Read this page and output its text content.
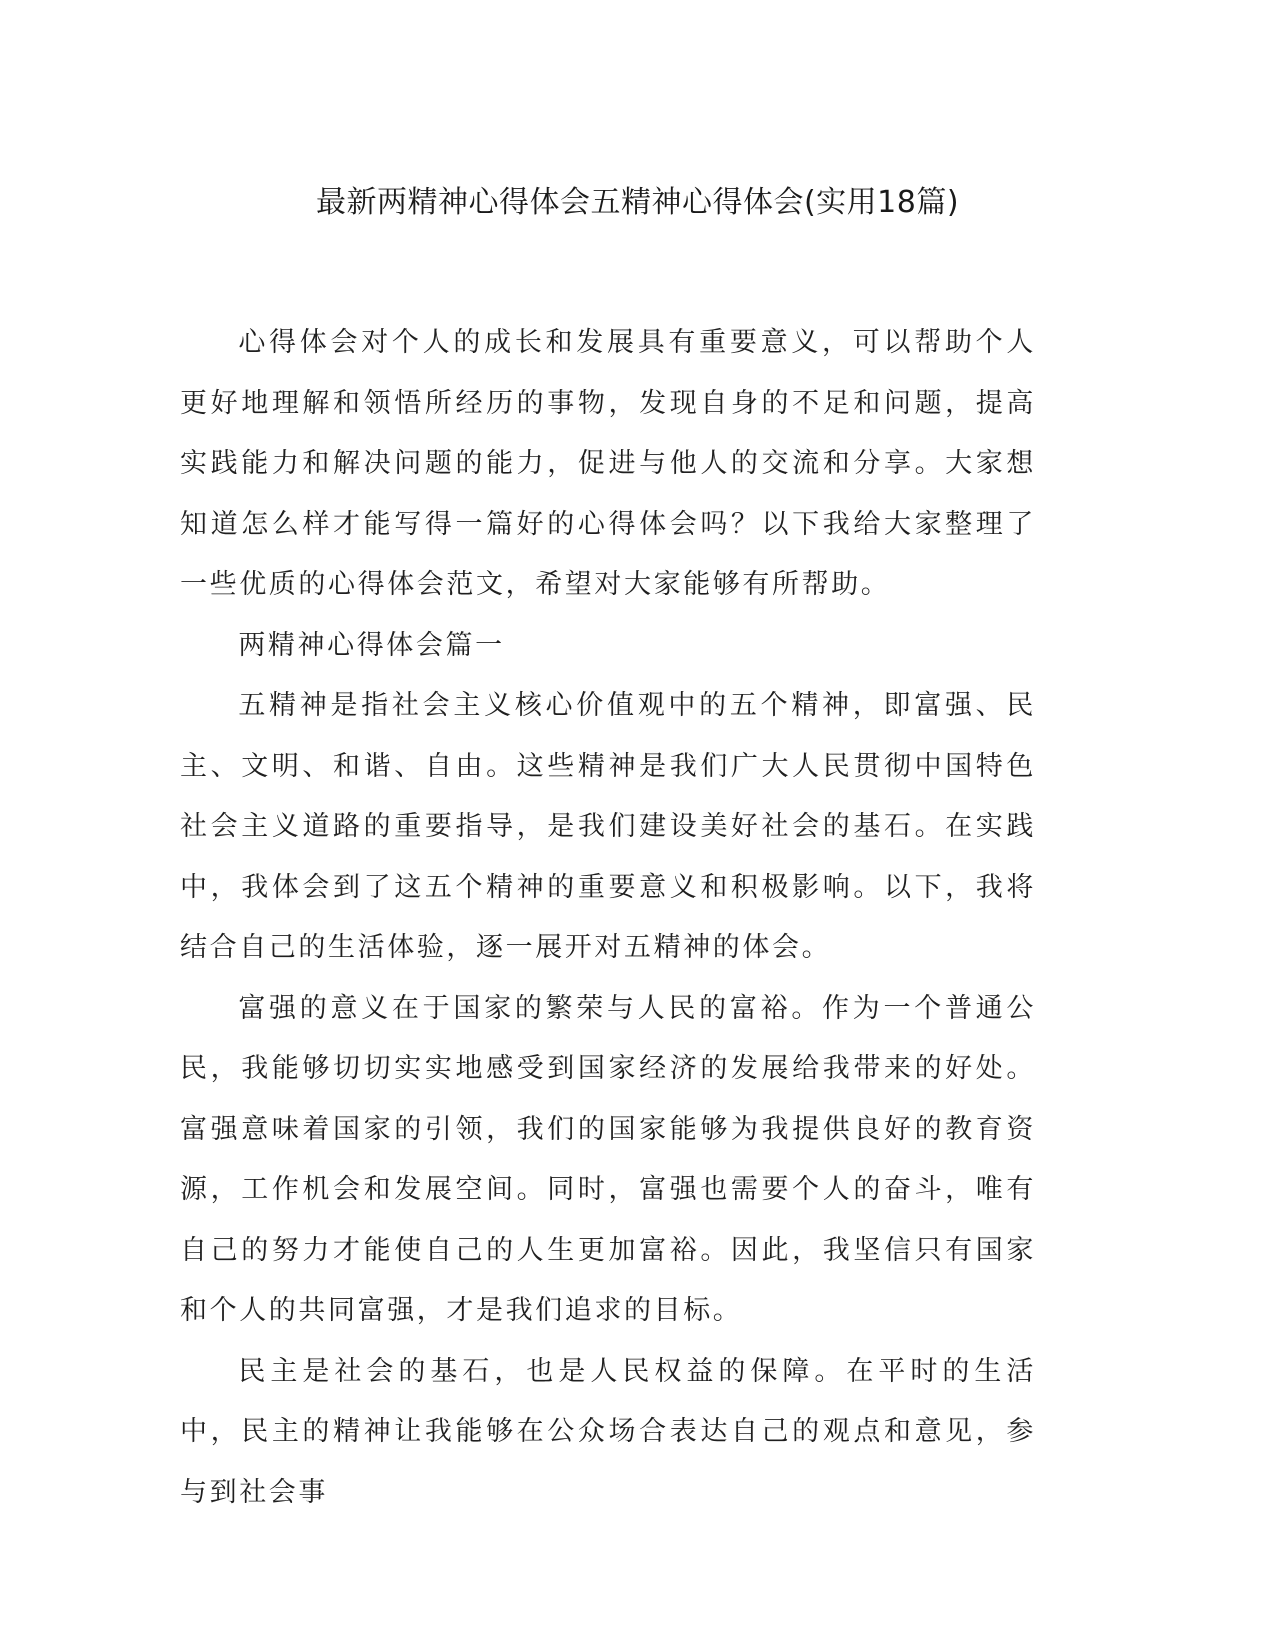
最新两精神心得体会五精神心得体会(实用18篇)

心得体会对个人的成长和发展具有重要意义，可以帮助个人更好地理解和领悟所经历的事物，发现自身的不足和问题，提高实践能力和解决问题的能力，促进与他人的交流和分享。大家想知道怎么样才能写得一篇好的心得体会吗？以下我给大家整理了一些优质的心得体会范文，希望对大家能够有所帮助。

两精神心得体会篇一

五精神是指社会主义核心价值观中的五个精神，即富强、民主、文明、和谐、自由。这些精神是我们广大人民贯彻中国特色社会主义道路的重要指导，是我们建设美好社会的基石。在实践中，我体会到了这五个精神的重要意义和积极影响。以下，我将结合自己的生活体验，逐一展开对五精神的体会。

富强的意义在于国家的繁荣与人民的富裕。作为一个普通公民，我能够切切实实地感受到国家经济的发展给我带来的好处。富强意味着国家的引领，我们的国家能够为我提供良好的教育资源，工作机会和发展空间。同时，富强也需要个人的奋斗，唯有自己的努力才能使自己的人生更加富裕。因此，我坚信只有国家和个人的共同富强，才是我们追求的目标。

民主是社会的基石，也是人民权益的保障。在平时的生活中，民主的精神让我能够在公众场合表达自己的观点和意见，参与到社会事
